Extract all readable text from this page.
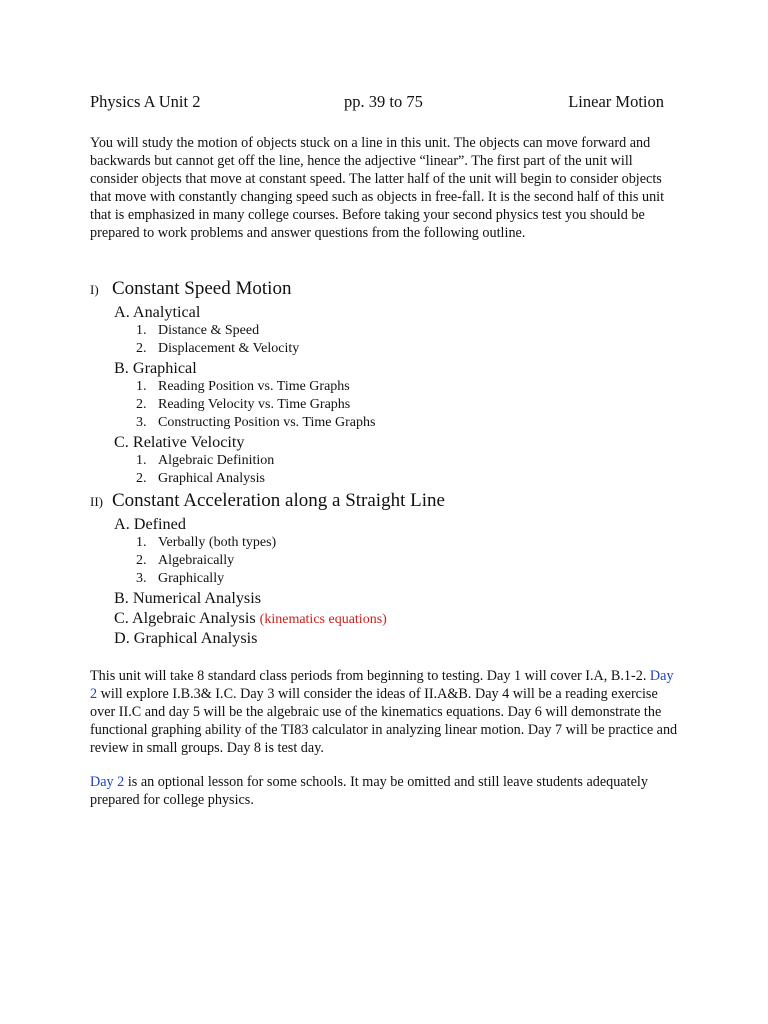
Physics A Unit 2	pp. 39 to 75	Linear Motion

You will study the motion of objects stuck on a line in this unit. The objects can move forward and backwards but cannot get off the line, hence the adjective “linear”. The first part of the unit will consider objects that move at constant speed. The latter half of the unit will begin to consider objects that move with constantly changing speed such as objects in free-fall. It is the second half of this unit that is emphasized in many college courses. Before taking your second physics test you should be prepared to work problems and answer questions from the following outline.

I) Constant Speed Motion
A. Analytical
1. Distance & Speed
2. Displacement & Velocity
B. Graphical
1. Reading Position vs. Time Graphs
2. Reading Velocity vs. Time Graphs
3. Constructing Position vs. Time Graphs
C. Relative Velocity
1. Algebraic Definition
2. Graphical Analysis
II) Constant Acceleration along a Straight Line
A. Defined
1. Verbally (both types)
2. Algebraically
3. Graphically
B. Numerical Analysis
C. Algebraic Analysis (kinematics equations)
D. Graphical Analysis

This unit will take 8 standard class periods from beginning to testing. Day 1 will cover I.A, B.1-2. Day 2 will explore I.B.3& I.C. Day 3 will consider the ideas of II.A&B. Day 4 will be a reading exercise over II.C and day 5 will be the algebraic use of the kinematics equations. Day 6 will demonstrate the functional graphing ability of the TI83 calculator in analyzing linear motion. Day 7 will be practice and review in small groups. Day 8 is test day.

Day 2 is an optional lesson for some schools. It may be omitted and still leave students adequately prepared for college physics.
